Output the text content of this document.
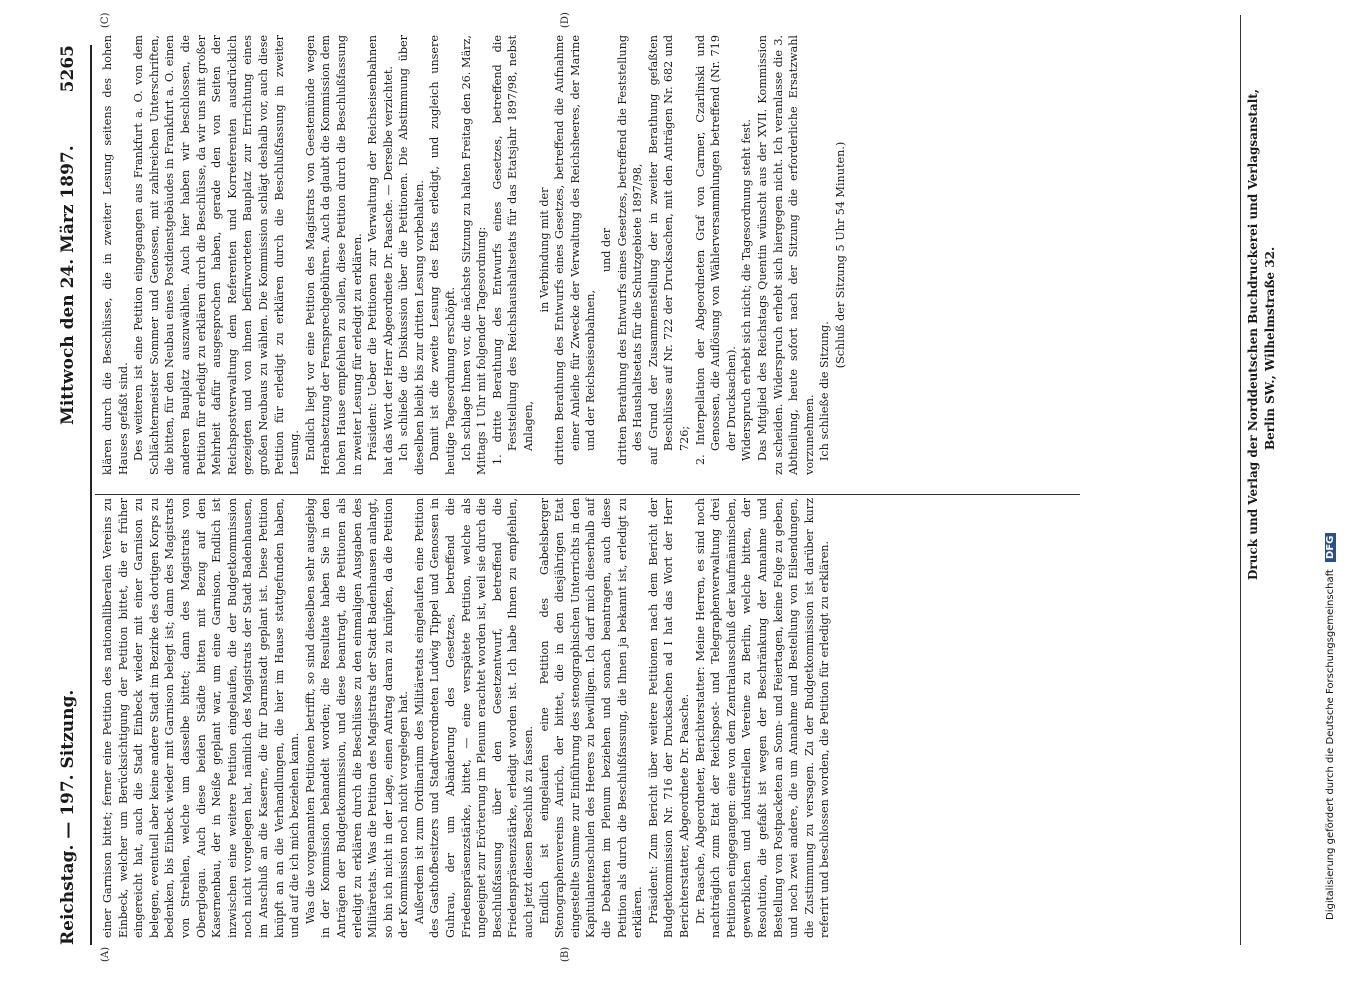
Reichstag. — 197. Sitzung.
Mittwoch den 24. März 1897.
5265
(A)	(B)
(C)	(D)

einer Garnison bittet; ferner eine Petition des nationalliberalen Vereins zu Einbeck, welcher um Berücksichtigung der Petition bittet, die er früher eingereicht hat, auch die Stadt Einbeck wieder mit einer Garnison zu belegen, eventuell aber keine andere Stadt im Bezirke des dortigen Korps zu bedenken, bis Einbeck wieder mit Garnison belegt ist; dann des Magistrats von Strehlen, welche um dasselbe bittet; dann des Magistrats von Oberglogau. Auch diese beiden Städte bitten mit Bezug auf den Kasernenbau, der in Neiße geplant war, um eine Garnison. Endlich ist inzwischen eine weitere Petition eingelaufen, die der Budgetkommission noch nicht vorgelegen hat, nämlich des Magistrats der Stadt Badenhausen, im Anschluß an die Kaserne, die für Darmstadt geplant ist. Diese Petition knüpft an an die Verhandlungen, die hier im Hause stattgefunden haben, und auf die ich mich beziehen kann. Was die vorgenannten Petitionen betrifft, so sind dieselben sehr ausgiebig in der Kommission behandelt worden; die Resultate haben Sie in den Anträgen der Budgetkommission, und diese beantragt, die Petitionen als erledigt zu erklären durch die Beschlüsse zu den einmaligen Ausgaben des Militäretats. Was die Petition des Magistrats der Stadt Badenhausen anlangt, so bin ich nicht in der Lage, einen Antrag daran zu knüpfen, da die Petition der Kommission noch nicht vorgelegen hat. Außerdem ist zum Ordinarium des Militäretats eingelaufen eine Petition des Gasthofbesitzers und Stadtverordneten Ludwig Tippel und Genossen in Guhrau, der um Abänderung des Gesetzes, betreffend die Friedenspräsenzstärke, bittet, — eine verspätete Petition, welche als ungeeignet zur Erörterung im Plenum erachtet worden ist, weil sie durch die Beschlußfassung über den Gesetzentwurf, betreffend die Friedenspräsenzstärke, erledigt worden ist. Ich habe Ihnen zu empfehlen, auch jetzt diesen Beschluß zu fassen. Endlich ist eingelaufen eine Petition des Gabelsberger Stenographenvereins Aurich, der bittet, die in den diesjährigen Etat eingestellte Summe zur Einführung des stenographischen Unterrichts in den Kapitulantenschulen des Heeres zu bewilligen. Ich darf mich dieserhalb auf die Debatten im Plenum beziehen und sonach beantragen, auch diese Petition als durch die Beschlußfassung, die Ihnen ja bekannt ist, erledigt zu erklären. Präsident: Zum Bericht über weitere Petitionen nach dem Bericht der Budgetkommission Nr. 716 der Drucksachen ad I hat das Wort der Herr Berichterstatter, Abgeordnete Dr. Paasche. Dr. Paasche, Abgeordneter, Berichterstatter: Meine Herren, es sind noch nachträglich zum Etat der Reichspost- und Telegraphenverwaltung drei Petitionen eingegangen: eine von dem Zentralausschuß der kaufmännischen, gewerblichen und industriellen Vereine zu Berlin, welche bitten, der Resolution, die gefaßt ist wegen der Beschränkung der Annahme und Bestellung von Postpacketen an Sonn- und Feiertagen, keine Folge zu geben, und noch zwei andere, die um Annahme und Bestellung von Eilsendungen, die Zustimmung zu versagen. Zu der Budgetkommission ist darüber kurz referirt und beschlossen worden, die Petition für erledigt zu erklären.

klären durch die Beschlüsse, die in zweiter Lesung seitens des hohen Hauses gefaßt sind. Des weiteren ist eine Petition eingegangen aus Frankfurt a. O. von dem Schlächtermeister Sommer und Genossen, mit zahlreichen Unterschriften, die bitten, für den Neubau eines Postdienstgebäudes in Frankfurt a. O. einen anderen Bauplatz auszuwählen. Auch hier haben wir beschlossen, die Petition für erledigt zu erklären durch die Beschlüsse, da wir uns mit großer Mehrheit dafür ausgesprochen haben, gerade den von Seiten der Reichspostverwaltung dem Referenten und Korreferenten ausdrücklich gezeigten und von ihnen befürworteten Bauplatz zur Errichtung eines großen Neubaus zu wählen. Die Kommission schlägt deshalb vor, auch diese Petition für erledigt zu erklären durch die Beschlußfassung in zweiter Lesung. Endlich liegt vor eine Petition des Magistrats von Geestemünde wegen Herabsetzung der Fernsprechgebühren. Auch da glaubt die Kommission dem hohen Hause empfehlen zu sollen, diese Petition durch die Beschlußfassung in zweiter Lesung für erledigt zu erklären. Präsident: Ueber die Petitionen zur Verwaltung der Reichseisenbahnen hat das Wort der Herr Abgeordnete Dr. Paasche. — Derselbe verzichtet. Ich schließe die Diskussion über die Petitionen. Die Abstimmung über dieselben bleibt bis zur dritten Lesung vorbehalten. Damit ist die zweite Lesung des Etats erledigt, und zugleich unsere heutige Tagesordnung erschöpft. Ich schlage Ihnen vor, die nächste Sitzung zu halten Freitag den 26. März, Mittags 1 Uhr mit folgender Tagesordnung: 1. dritte Berathung des Entwurfs eines Gesetzes, betreffend die Feststellung des Reichshaushaltsetats für das Etatsjahr 1897/98, nebst Anlagen,

in Verbindung mit der dritten Berathung des Entwurfs eines Gesetzes, betreffend die Aufnahme einer Anleihe für Zwecke der Verwaltung des Reichsheeres, der Marine und der Reichseisenbahnen,

und der dritten Berathung des Entwurfs eines Gesetzes, betreffend die Feststellung des Haushaltsetats für die Schutzgebiete 1897/98, auf Grund der Zusammenstellung der in zweiter Berathung gefaßten Beschlüsse auf Nr. 722 der Drucksachen, mit den Anträgen Nr. 682 und 726; 2. Interpellation der Abgeordneten Graf von Carmer, Czarlinski und Genossen, die Auflösung von Wählerversammlungen betreffend (Nr. 719 der Drucksachen). Widerspruch erhebt sich nicht; die Tagesordnung steht fest. Das Mitglied des Reichstags Quentin wünscht aus der XVII. Kommission zu scheiden. Widerspruch erhebt sich hiergegen nicht. Ich veranlasse die 3. Abtheilung, heute sofort nach der Sitzung die erforderliche Ersatzwahl vorzunehmen. Ich schließe die Sitzung.

(Schluß der Sitzung 5 Uhr 54 Minuten.)	Druck und Verlag der Norddeutschen Buchdruckerei und Verlagsanstalt, Berlin SW., Wilhelmstraße 32.
Digitalisierung gefördert durch die Deutsche Forschungsgemeinschaft DFG
